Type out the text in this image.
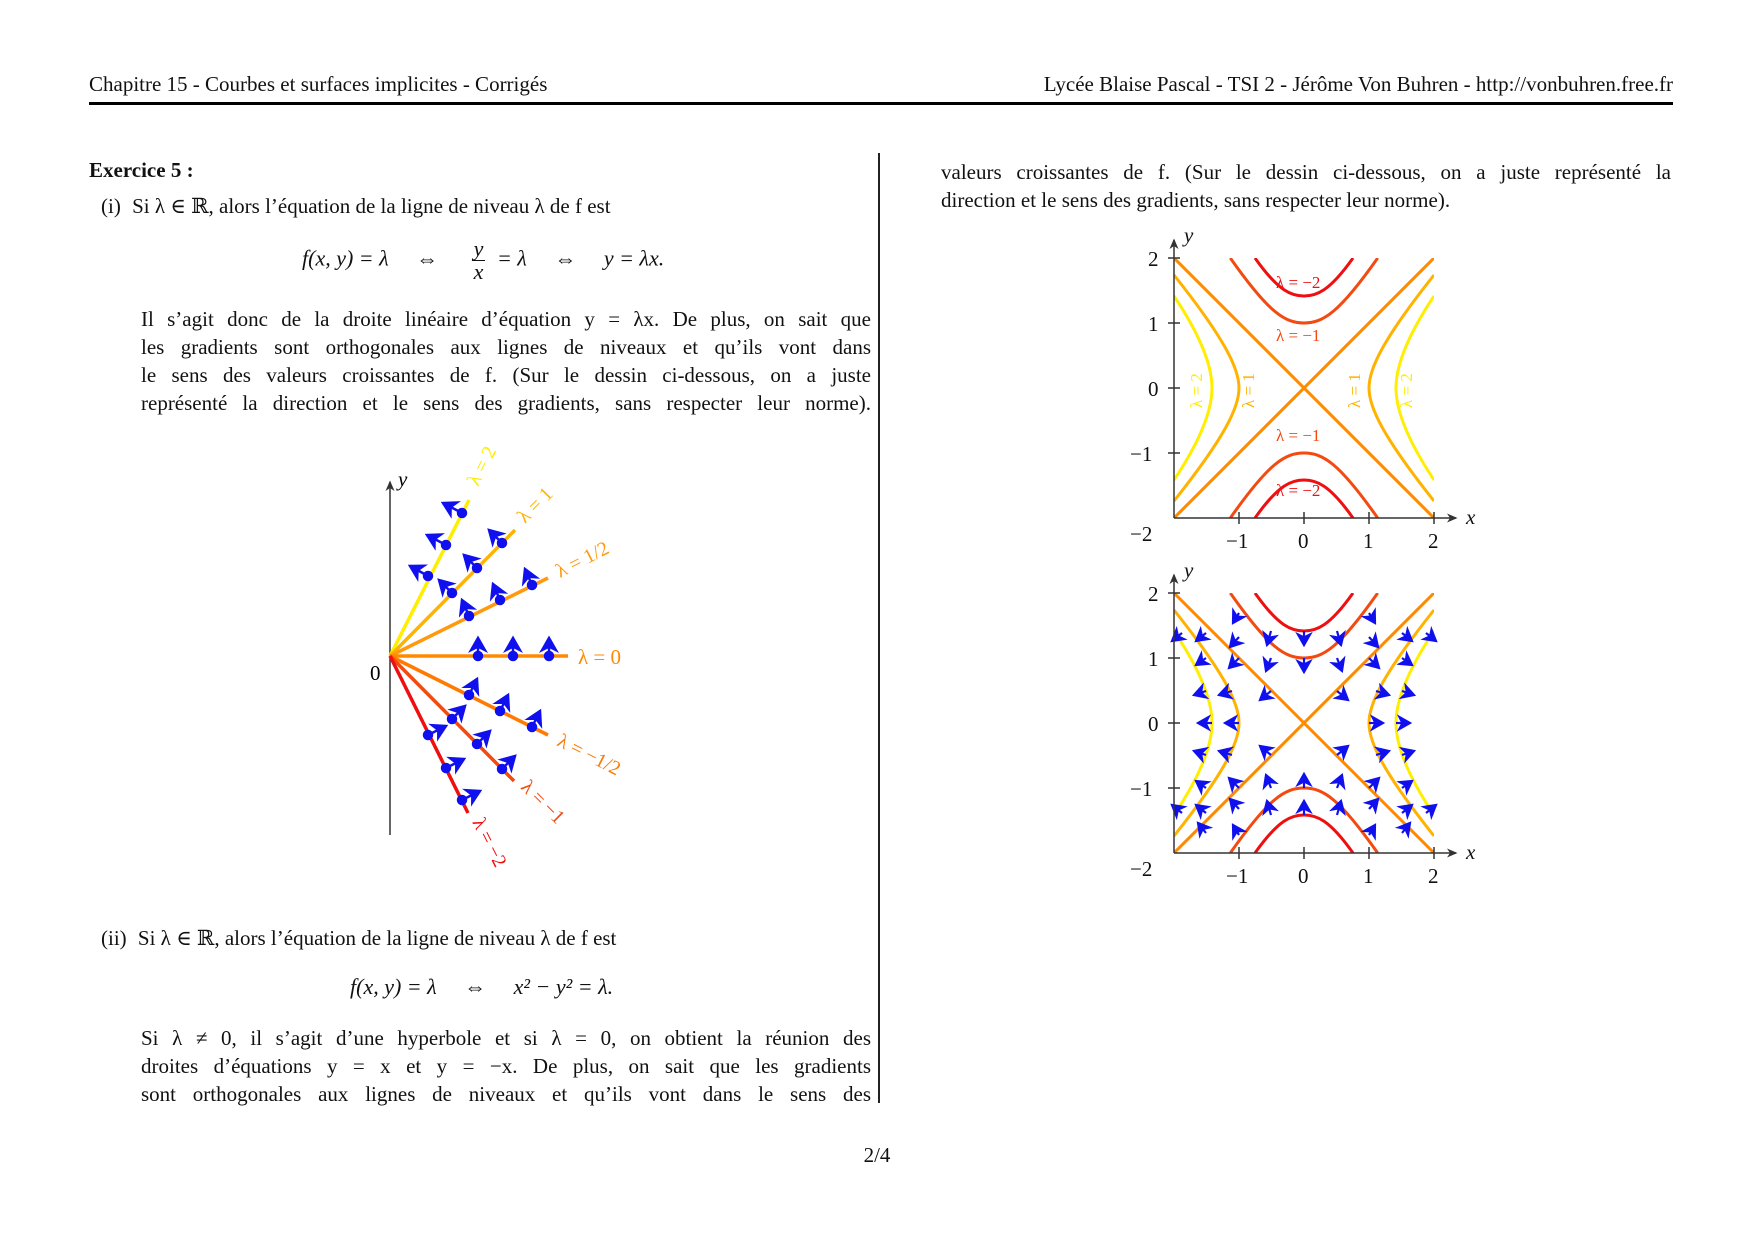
Chapitre 15 - Courbes et surfaces implicites - Corrigés	Lycée Blaise Pascal - TSI 2 - Jérôme Von Buhren - http://vonbuhren.free.fr
Exercice 5 :
(i) Si λ ∈ ℝ, alors l’équation de la ligne de niveau λ de f est
f(x, y) = λ ⇔ $\frac{y}{x} = \lambda$ ⇔ y = λx.
Il s’agit donc de la droite linéaire d’équation y = λx. De plus, on sait que
les gradients sont orthogonales aux lignes de niveaux et qu’ils vont dans
le sens des valeurs croissantes de f. (Sur le dessin ci-dessous, on a juste
représenté la direction et le sens des gradients, sans respecter leur norme).
y
0
λ = 2
λ = 1
λ = 1/2
λ = 0
λ = −1/2
λ = −1
λ = −2
(ii) Si λ ∈ ℝ, alors l’équation de la ligne de niveau λ de f est
f(x, y) = λ ⇔ x² − y² = λ.
Si λ ≠ 0, il s’agit d’une hyperbole et si λ = 0, on obtient la réunion des
droites d’équations y = x et y = −x. De plus, on sait que les gradients
sont orthogonales aux lignes de niveaux et qu’ils vont dans le sens des
valeurs croissantes de f. (Sur le dessin ci-dessous, on a juste représenté la
direction et le sens des gradients, sans respecter leur norme).
2
1
0
−1
−2	−1 0	1	2
y
x
λ = −2
λ = −1
λ = −1
λ = −2
λ = 2 λ = 1	λ = 1 λ = 2
2
1
0
−1
−2	−1 0	1	2
y
x
2/4
